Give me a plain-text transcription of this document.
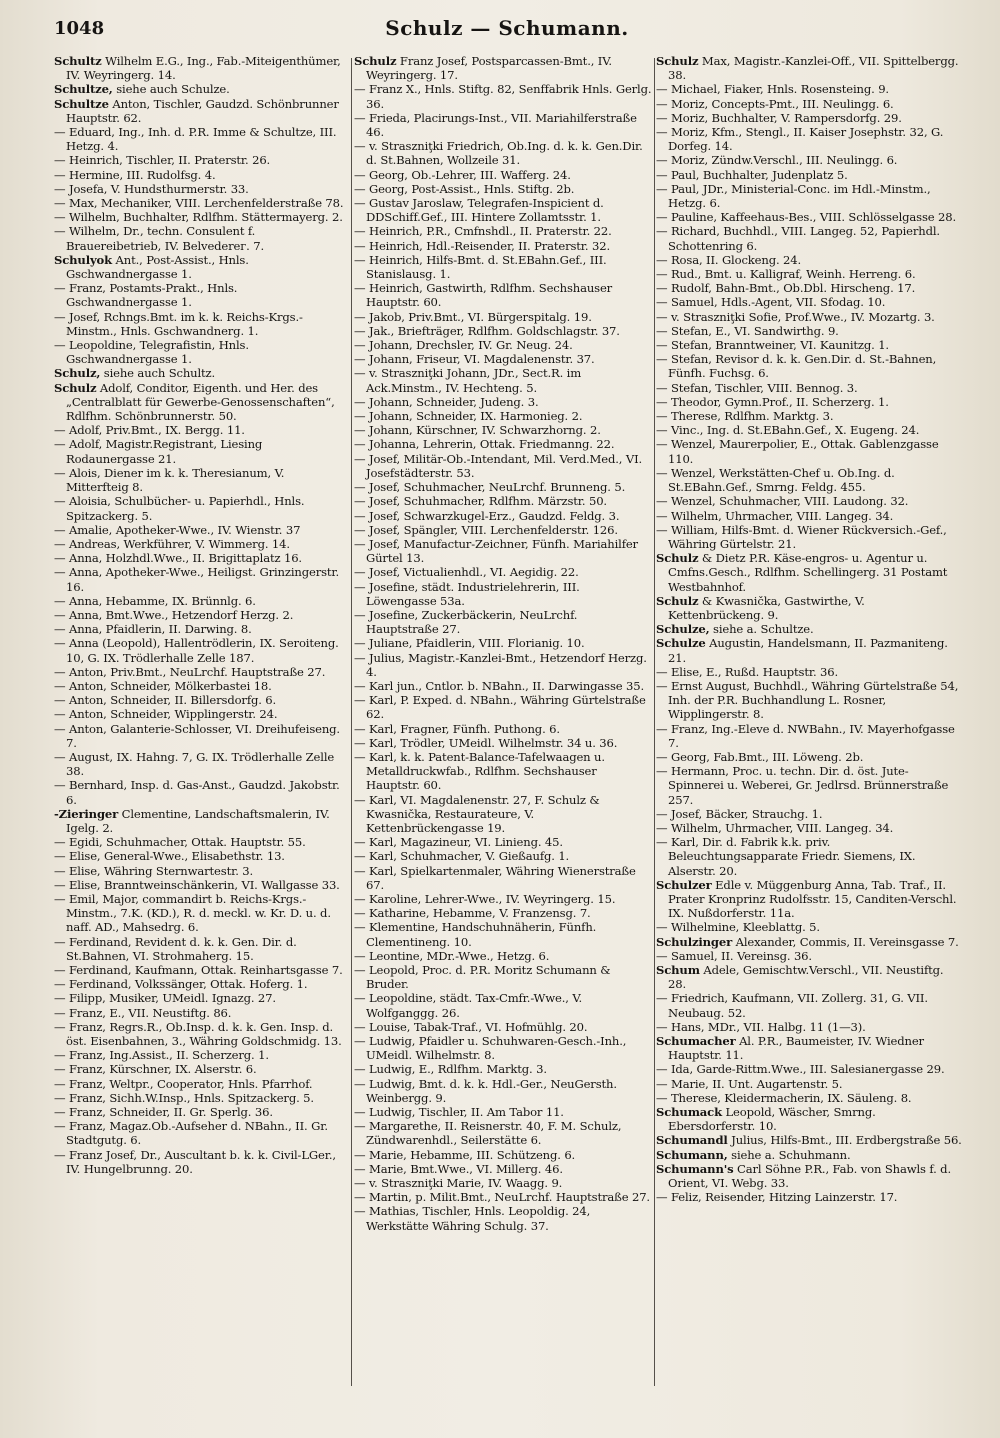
1048	Schulz — Schumann.

Schultz Wilhelm E.G., Ing., Fab.-Miteigenthümer, IV. Weyringerg. 14.

Schultze, siehe auch Schulze.

Schultze Anton, Tischler, Gaudzd. Schönbrunner Hauptstr. 62.

— Eduard, Ing., Inh. d. P.R. Imme & Schultze, III. Hetzg. 4.

— Heinrich, Tischler, II. Praterstr. 26.

— Hermine, III. Rudolfsg. 4.

— Josefa, V. Hundsthurmerstr. 33.

— Max, Mechaniker, VIII. Lerchenfelderstraße 78.

— Wilhelm, Buchhalter, Rdlfhm. Stättermayerg. 2.

— Wilhelm, Dr., techn. Consulent f. Brauereibetrieb, IV. Belvederег. 7.

Schulyok Ant., Post-Assist., Hnls. Gschwandnergasse 1.

— Franz, Postamts-Prakt., Hnls. Gschwandnergasse 1.

— Josef, Rchngs.Bmt. im k. k. Reichs-Krgs.-Minstm., Hnls. Gschwandnerg. 1.

— Leopoldine, Telegrafistin, Hnls. Gschwandnergasse 1.

Schulz, siehe auch Schultz.

Schulz Adolf, Conditor, Eigenth. und Her. des „Centralblatt für Gewerbe-Genossenschaften“, Rdlfhm. Schönbrunnerstr. 50.

— Adolf, Priv.Bmt., IX. Bergg. 11.

— Adolf, Magistr.Registrant, Liesing Rodaunergasse 21.

— Alois, Diener im k. k. Theresianum, V. Mitterfteig 8.

— Aloisia, Schulbücher- u. Papierhdl., Hnls. Spitzackerg. 5.

— Amalie, Apotheker-Wwe., IV. Wienstr. 37

— Andreas, Werkführer, V. Wimmerg. 14.

— Anna, Holzhdl.Wwe., II. Brigittaplatz 16.

— Anna, Apotheker-Wwe., Heiligst. Grinzingerstr. 16.

— Anna, Hebamme, IX. Brünnlg. 6.

— Anna, Bmt.Wwe., Hetzendorf Herzg. 2.

— Anna, Pfaidlerin, II. Darwing. 8.

— Anna (Leopold), Hallentrödlerin, IX. Seroiteng. 10, G. IX. Trödlerhalle Zelle 187.

— Anton, Priv.Bmt., NeuLrchf. Hauptstraße 27.

— Anton, Schneider, Mölkerbastei 18.

— Anton, Schneider, II. Billersdorfg. 6.

— Anton, Schneider, Wipplingerstr. 24.

— Anton, Galanterie-Schlosser, VI. Dreihufeiseng. 7.

— August, IX. Hahng. 7, G. IX. Trödlerhalle Zelle 38.

— Bernhard, Insp. d. Gas-Anst., Gaudzd. Jakobstr. 6.

-Zieringer Clementine, Landschaftsmalerin, IV. Igelg. 2.

— Egidi, Schuhmacher, Ottak. Hauptstr. 55.

— Elise, General-Wwe., Elisabethstr. 13.

— Elise, Währing Sternwartestr. 3.

— Elise, Branntweinschänkerin, VI. Wallgasse 33.

— Emil, Major, commandirt b. Reichs-Krgs.-Minstm., 7.K. (KD.), R. d. meckl. w. Kr. D. u. d. naff. AD., Mahsedrg. 6.

— Ferdinand, Revident d. k. k. Gen. Dir. d. St.Bahnen, VI. Strohmaherg. 15.

— Ferdinand, Kaufmann, Ottak. Reinhartsgasse 7.

— Ferdinand, Volkssänger, Ottak. Hoferg. 1.

— Filipp, Musiker, UMeidl. Ignazg. 27.

— Franz, E., VII. Neustiftg. 86.

— Franz, Regrs.R., Ob.Insp. d. k. k. Gen. Insp. d. öst. Eisenbahnen, 3., Währing Goldschmidg. 13.

— Franz, Ing.Assist., II. Scherzerg. 1.

— Franz, Kürschner, IX. Alserstr. 6.

— Franz, Weltpr., Cooperator, Hnls. Pfarrhof.

— Franz, Sichh.W.Insp., Hnls. Spitzackerg. 5.

— Franz, Schneider, II. Gr. Sperlg. 36.

— Franz, Magaz.Ob.-Aufseher d. NBahn., II. Gr. Stadtgutg. 6.

— Franz Josef, Dr., Auscultant b. k. k. Civil-LGer., IV. Hungelbrunng. 20.

Schulz Franz Josef, Postsparcassen-Bmt., IV. Weyringerg. 17.

— Franz X., Hnls. Stiftg. 82, Senffabrik Hnls. Gerlg. 36.

— Frieda, Placirungs-Inst., VII. Mariahilferstraße 46.

— v. Straszniţki Friedrich, Ob.Ing. d. k. k. Gen.Dir. d. St.Bahnen, Wollzeile 31.

— Georg, Ob.-Lehrer, III. Wafferg. 24.

— Georg, Post-Assist., Hnls. Stiftg. 2b.

— Gustav Jaroslaw, Telegrafen-Inspicient d. DDSchiff.Gef., III. Hintere Zollamtsstr. 1.

— Heinrich, P.R., Cmfnshdl., II. Praterstr. 22.

— Heinrich, Hdl.-Reisender, II. Praterstr. 32.

— Heinrich, Hilfs-Bmt. d. St.EBahn.Gef., III. Stanislausg. 1.

— Heinrich, Gastwirth, Rdlfhm. Sechshauser Hauptstr. 60.

— Jakob, Priv.Bmt., VI. Bürgerspitalg. 19.

— Jak., Briefträger, Rdlfhm. Goldschlagstr. 37.

— Johann, Drechsler, IV. Gr. Neug. 24.

— Johann, Friseur, VI. Magdalenenstr. 37.

— v. Straszniţki Johann, JDr., Sect.R. im Ack.Minstm., IV. Hechteng. 5.

— Johann, Schneider, Judeng. 3.

— Johann, Schneider, IX. Harmonieg. 2.

— Johann, Kürschner, IV. Schwarzhorng. 2.

— Johanna, Lehrerin, Ottak. Friedmanng. 22.

— Josef, Militär-Ob.-Intendant, Mil. Verd.Med., VI. Josefstädterstr. 53.

— Josef, Schuhmacher, NeuLrchf. Brunneng. 5.

— Josef, Schuhmacher, Rdlfhm. Märzstr. 50.

— Josef, Schwarzkugel-Erz., Gaudzd. Feldg. 3.

— Josef, Spängler, VIII. Lerchenfelderstr. 126.

— Josef, Manufactur-Zeichner, Fünfh. Mariahilfer Gürtel 13.

— Josef, Victualienhdl., VI. Aegidig. 22.

— Josefine, städt. Industrielehrerin, III. Löwengasse 53a.

— Josefine, Zuckerbäckerin, NeuLrchf. Hauptstraße 27.

— Juliane, Pfaidlerin, VIII. Florianig. 10.

— Julius, Magistr.-Kanzlei-Bmt., Hetzendorf Herzg. 4.

— Karl jun., Cntlor. b. NBahn., II. Darwingasse 35.

— Karl, P. Exped. d. NBahn., Währing Gürtelstraße 62.

— Karl, Fragner, Fünfh. Puthong. 6.

— Karl, Trödler, UMeidl. Wilhelmstr. 34 u. 36.

— Karl, k. k. Patent-Balance-Tafelwaagen u. Metalldruckwfab., Rdlfhm. Sechshauser Hauptstr. 60.

— Karl, VI. Magdalenenstr. 27, F. Schulz & Kwasnička, Restaurateure, V. Kettenbrückengasse 19.

— Karl, Magazineur, VI. Linieng. 45.

— Karl, Schuhmacher, V. Gießaufg. 1.

— Karl, Spielkartenmaler, Währing Wienerstraße 67.

— Karoline, Lehrer-Wwe., IV. Weyringerg. 15.

— Katharine, Hebamme, V. Franzensg. 7.

— Klementine, Handschuhnäherin, Fünfh. Clementineng. 10.

— Leontine, MDr.-Wwe., Hetzg. 6.

— Leopold, Proc. d. P.R. Moritz Schumann & Bruder.

— Leopoldine, städt. Tax-Cmfr.-Wwe., V. Wolfganggg. 26.

— Louise, Tabak-Traf., VI. Hofmühlg. 20.

— Ludwig, Pfaidler u. Schuhwaren-Gesch.-Inh., UMeidl. Wilhelmstr. 8.

— Ludwig, E., Rdlfhm. Marktg. 3.

— Ludwig, Bmt. d. k. k. Hdl.-Ger., NeuGersth. Weinbergg. 9.

— Ludwig, Tischler, II. Am Tabor 11.

— Margarethe, II. Reisnerstr. 40, F. M. Schulz, Zündwarenhdl., Seilerstätte 6.

— Marie, Hebamme, III. Schützeng. 6.

— Marie, Bmt.Wwe., VI. Millerg. 46.

— v. Straszniţki Marie, IV. Waagg. 9.

— Martin, p. Milit.Bmt., NeuLrchf. Hauptstraße 27.

— Mathias, Tischler, Hnls. Leopoldig. 24, Werkstätte Währing Schulg. 37.

Schulz Max, Magistr.-Kanzlei-Off., VII. Spittelbergg. 38.

— Michael, Fiaker, Hnls. Rosensteing. 9.

— Moriz, Concepts-Pmt., III. Neulingg. 6.

— Moriz, Buchhalter, V. Rampersdorfg. 29.

— Moriz, Kfm., Stengl., II. Kaiser Josephstr. 32, G. Dorfeg. 14.

— Moriz, Zündw.Verschl., III. Neulingg. 6.

— Paul, Buchhalter, Judenplatz 5.

— Paul, JDr., Ministerial-Conc. im Hdl.-Minstm., Hetzg. 6.

— Pauline, Kaffeehaus-Bes., VIII. Schlösselgasse 28.

— Richard, Buchhdl., VIII. Langeg. 52, Papierhdl. Schottenring 6.

— Rosa, II. Glockeng. 24.

— Rud., Bmt. u. Kalligraf, Weinh. Herreng. 6.

— Rudolf, Bahn-Bmt., Ob.Dbl. Hirschеng. 17.

— Samuel, Hdls.-Agent, VII. Sfodag. 10.

— v. Straszniţki Sofie, Prof.Wwe., IV. Mozartg. 3.

— Stefan, E., VI. Sandwirthg. 9.

— Stefan, Branntweiner, VI. Kaunitzg. 1.

— Stefan, Revisor d. k. k. Gen.Dir. d. St.-Bahnen, Fünfh. Fuchsg. 6.

— Stefan, Tischler, VIII. Bennog. 3.

— Theodor, Gymn.Prof., II. Scherzerg. 1.

— Therese, Rdlfhm. Marktg. 3.

— Vinc., Ing. d. St.EBahn.Gef., X. Eugeng. 24.

— Wenzel, Maurerpolier, E., Ottak. Gablenzgasse 110.

— Wenzel, Werkstätten-Chef u. Ob.Ing. d. St.EBahn.Gef., Smrng. Feldg. 455.

— Wenzel, Schuhmacher, VIII. Laudong. 32.

— Wilhelm, Uhrmacher, VIII. Langeg. 34.

— William, Hilfs-Bmt. d. Wiener Rückversich.-Gef., Währing Gürtelstr. 21.

Schulz & Dietz P.R. Käse-engros- u. Agentur u. Cmfns.Gesch., Rdlfhm. Schellingerg. 31 Postamt Westbahnhof.

Schulz & Kwasnička, Gastwirthe, V. Kettenbrückeng. 9.

Schulze, siehe a. Schultze.

Schulze Augustin, Handelsmann, II. Pazmaniteng. 21.

— Elise, E., Rußd. Hauptstr. 36.

— Ernst August, Buchhdl., Währing Gürtelstraße 54, Inh. der P.R. Buchhandlung L. Rosner, Wipplingerstr. 8.

— Franz, Ing.-Eleve d. NWBahn., IV. Mayerhofgasse 7.

— Georg, Fab.Bmt., III. Löweng. 2b.

— Hermann, Proc. u. techn. Dir. d. öst. Jute-Spinnerei u. Weberei, Gr. Jedlrsd. Brünnerstraße 257.

— Josef, Bäcker, Strauchg. 1.

— Wilhelm, Uhrmacher, VIII. Langeg. 34.

— Karl, Dir. d. Fabrik k.k. priv. Beleuchtungsapparate Friedr. Siemens, IX. Alserstr. 20.

Schulzer Edle v. Müggenburg Anna, Tab. Traf., II. Prater Kronprinz Rudolfsstr. 15, Canditen-Verschl. IX. Nußdorferstr. 11a.

— Wilhelmine, Kleeblattg. 5.

Schulzinger Alexander, Commis, II. Vereinsgasse 7.

— Samuel, II. Vereinsg. 36.

Schum Adele, Gemischtw.Verschl., VII. Neustiftg. 28.

— Friedrich, Kaufmann, VII. Zollerg. 31, G. VII. Neubaug. 52.

— Hans, MDr., VII. Halbg. 11 (1—3).

Schumacher Al. P.R., Baumeister, IV. Wiedner Hauptstr. 11.

— Ida, Garde-Rittm.Wwe., III. Salesianergasse 29.

— Marie, II. Unt. Augartenstr. 5.

— Therese, Kleidermacherin, IX. Säuleng. 8.

Schumack Leopold, Wäscher, Smrng. Ebersdorferstr. 10.

Schumandl Julius, Hilfs-Bmt., III. Erdbergstraße 56.

Schumann, siehe a. Schuhmann.

Schumann's Carl Söhne P.R., Fab. von Shawls f. d. Orient, VI. Webg. 33.

— Feliz, Reisender, Hitzing Lainzerstr. 17.
